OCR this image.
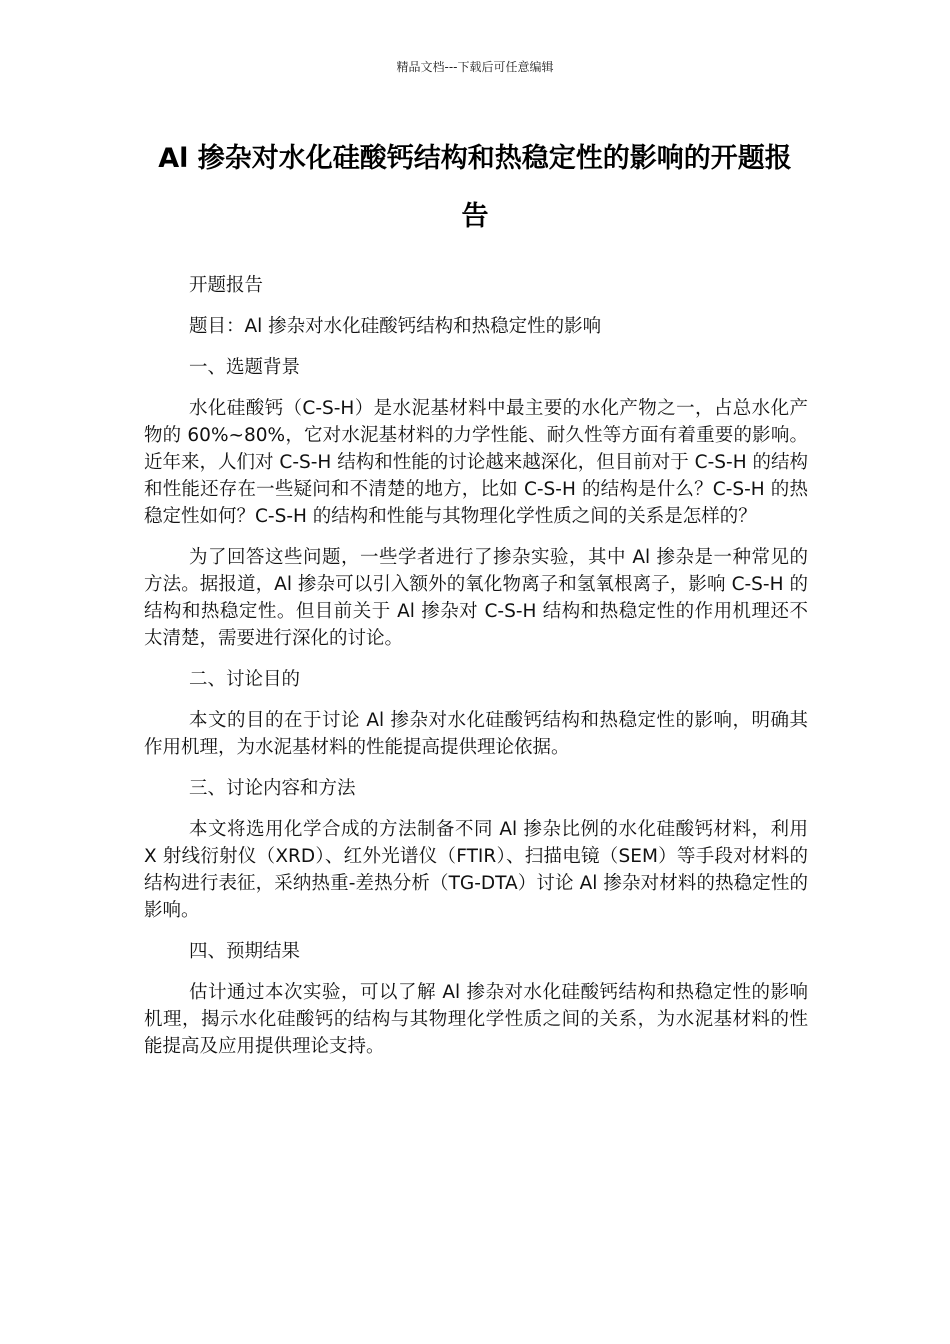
精品文档---下载后可任意编辑
Al 掺杂对水化硅酸钙结构和热稳定性的影响的开题报告

开题报告

题目：Al 掺杂对水化硅酸钙结构和热稳定性的影响

一、选题背景

水化硅酸钙（C-S-H）是水泥基材料中最主要的水化产物之一，占总水化产物的 60%~80%，它对水泥基材料的力学性能、耐久性等方面有着重要的影响。近年来，人们对 C-S-H 结构和性能的讨论越来越深化，但目前对于 C-S-H 的结构和性能还存在一些疑问和不清楚的地方，比如 C-S-H 的结构是什么？C-S-H 的热稳定性如何？C-S-H 的结构和性能与其物理化学性质之间的关系是怎样的？

为了回答这些问题，一些学者进行了掺杂实验，其中 Al 掺杂是一种常见的方法。据报道，Al 掺杂可以引入额外的氧化物离子和氢氧根离子，影响 C-S-H 的结构和热稳定性。但目前关于 Al 掺杂对 C-S-H 结构和热稳定性的作用机理还不太清楚，需要进行深化的讨论。

二、讨论目的

本文的目的在于讨论 Al 掺杂对水化硅酸钙结构和热稳定性的影响，明确其作用机理，为水泥基材料的性能提高提供理论依据。

三、讨论内容和方法

本文将选用化学合成的方法制备不同 Al 掺杂比例的水化硅酸钙材料，利用 X 射线衍射仪（XRD）、红外光谱仪（FTIR）、扫描电镜（SEM）等手段对材料的结构进行表征，采纳热重-差热分析（TG-DTA）讨论 Al 掺杂对材料的热稳定性的影响。

四、预期结果

估计通过本次实验，可以了解 Al 掺杂对水化硅酸钙结构和热稳定性的影响机理，揭示水化硅酸钙的结构与其物理化学性质之间的关系，为水泥基材料的性能提高及应用提供理论支持。
